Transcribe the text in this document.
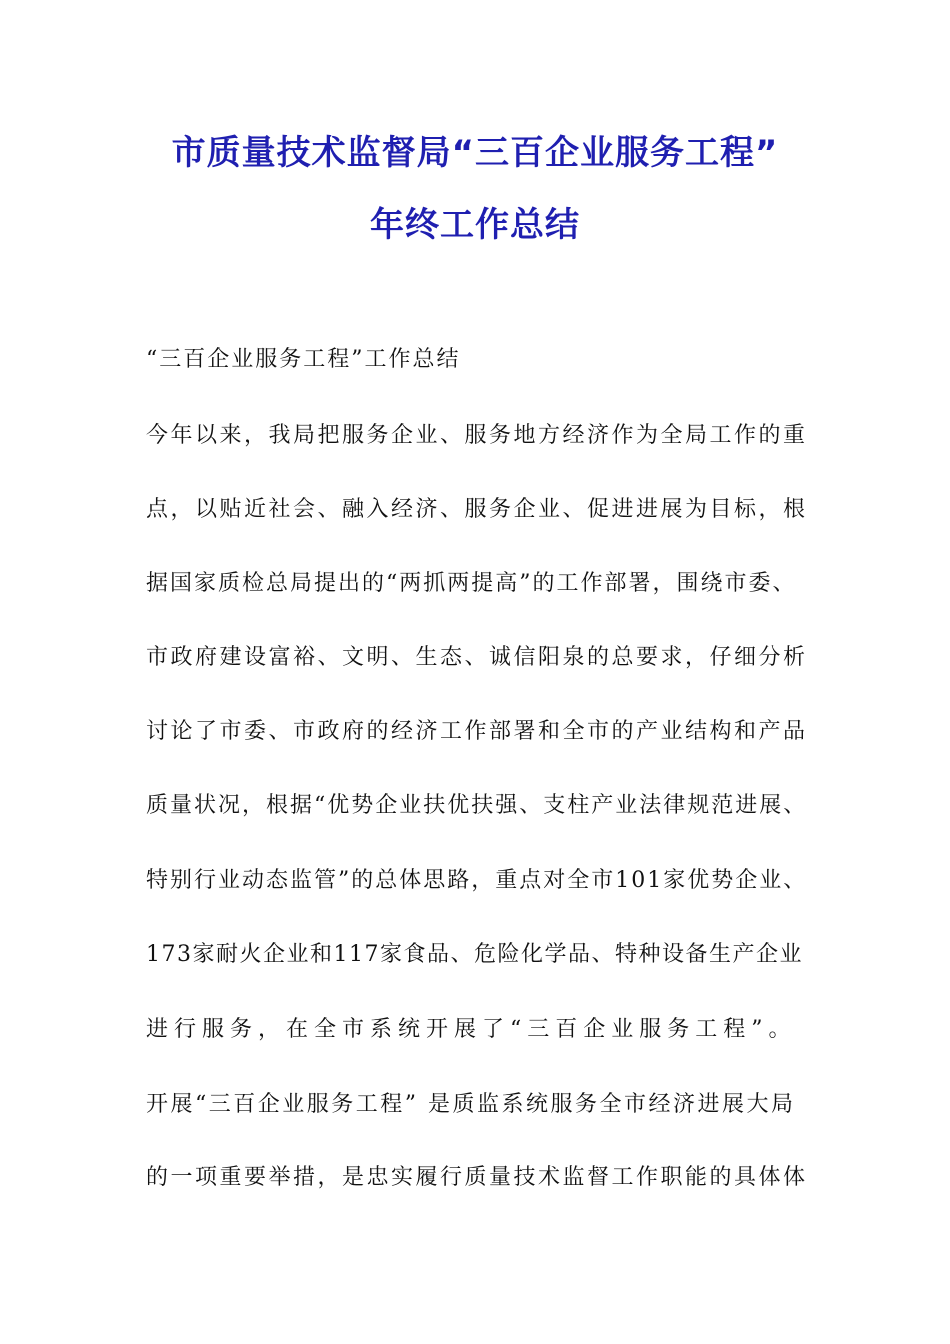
市质量技术监督局“三百企业服务工程”
年终工作总结
“三百企业服务工程”工作总结
今年以来，我局把服务企业、服务地方经济作为全局工作的重
点，以贴近社会、融入经济、服务企业、促进进展为目标，根
据国家质检总局提出的“两抓两提高”的工作部署，围绕市委、
市政府建设富裕、文明、生态、诚信阳泉的总要求，仔细分析
讨论了市委、市政府的经济工作部署和全市的产业结构和产品
质量状况，根据“优势企业扶优扶强、支柱产业法律规范进展、
特别行业动态监管”的总体思路，重点对全市101家优势企业、
173家耐火企业和117家食品、危险化学品、特种设备生产企业
进行服务，在全市系统开展了“三百企业服务工程”。
开展“三百企业服务工程” 是质监系统服务全市经济进展大局
的一项重要举措，是忠实履行质量技术监督工作职能的具体体
